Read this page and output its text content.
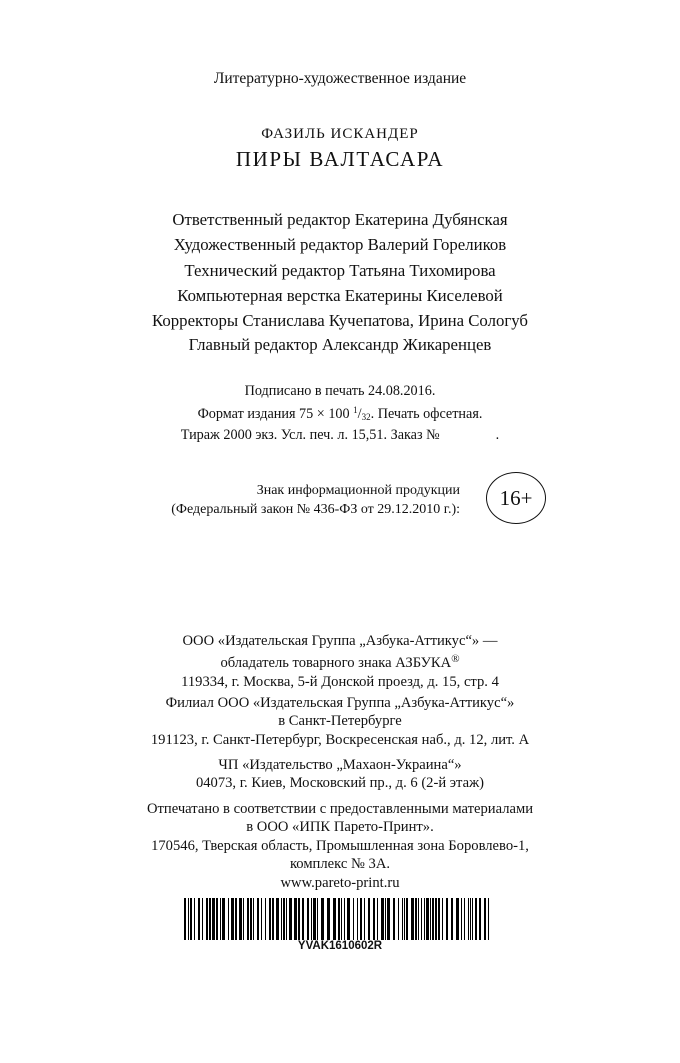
Литературно-художественное издание
ФАЗИЛЬ ИСКАНДЕР
ПИРЫ ВАЛТАСАРА
Ответственный редактор Екатерина Дубянская
Художественный редактор Валерий Гореликов
Технический редактор Татьяна Тихомирова
Компьютерная верстка Екатерины Киселевой
Корректоры Станислава Кучепатова, Ирина Сологуб
Главный редактор Александр Жикаренцев
Подписано в печать 24.08.2016.
Формат издания 75 × 100 $^1/_{32}$. Печать офсетная.
Тираж 2000 экз. Усл. печ. л. 15,51. Заказ №	.
Знак информационной продукции
(Федеральный закон № 436-ФЗ от 29.12.2010 г.): 16+
ООО «Издательская Группа „Азбука-Аттикус“» —
обладатель товарного знака АЗБУКА®
119334, г. Москва, 5-й Донской проезд, д. 15, стр. 4
Филиал ООО «Издательская Группа „Азбука-Аттикус“»
в Санкт-Петербурге
191123, г. Санкт-Петербург, Воскресенская наб., д. 12, лит. А
ЧП «Издательство „Махаон-Украина“»
04073, г. Киев, Московский пр., д. 6 (2-й этаж)
Отпечатано в соответствии с предоставленными материалами
в ООО «ИПК Парето-Принт».
170546, Тверская область, Промышленная зона Боровлево-1,
комплекс № 3А.
www.pareto-print.ru
YVAK1610602R
